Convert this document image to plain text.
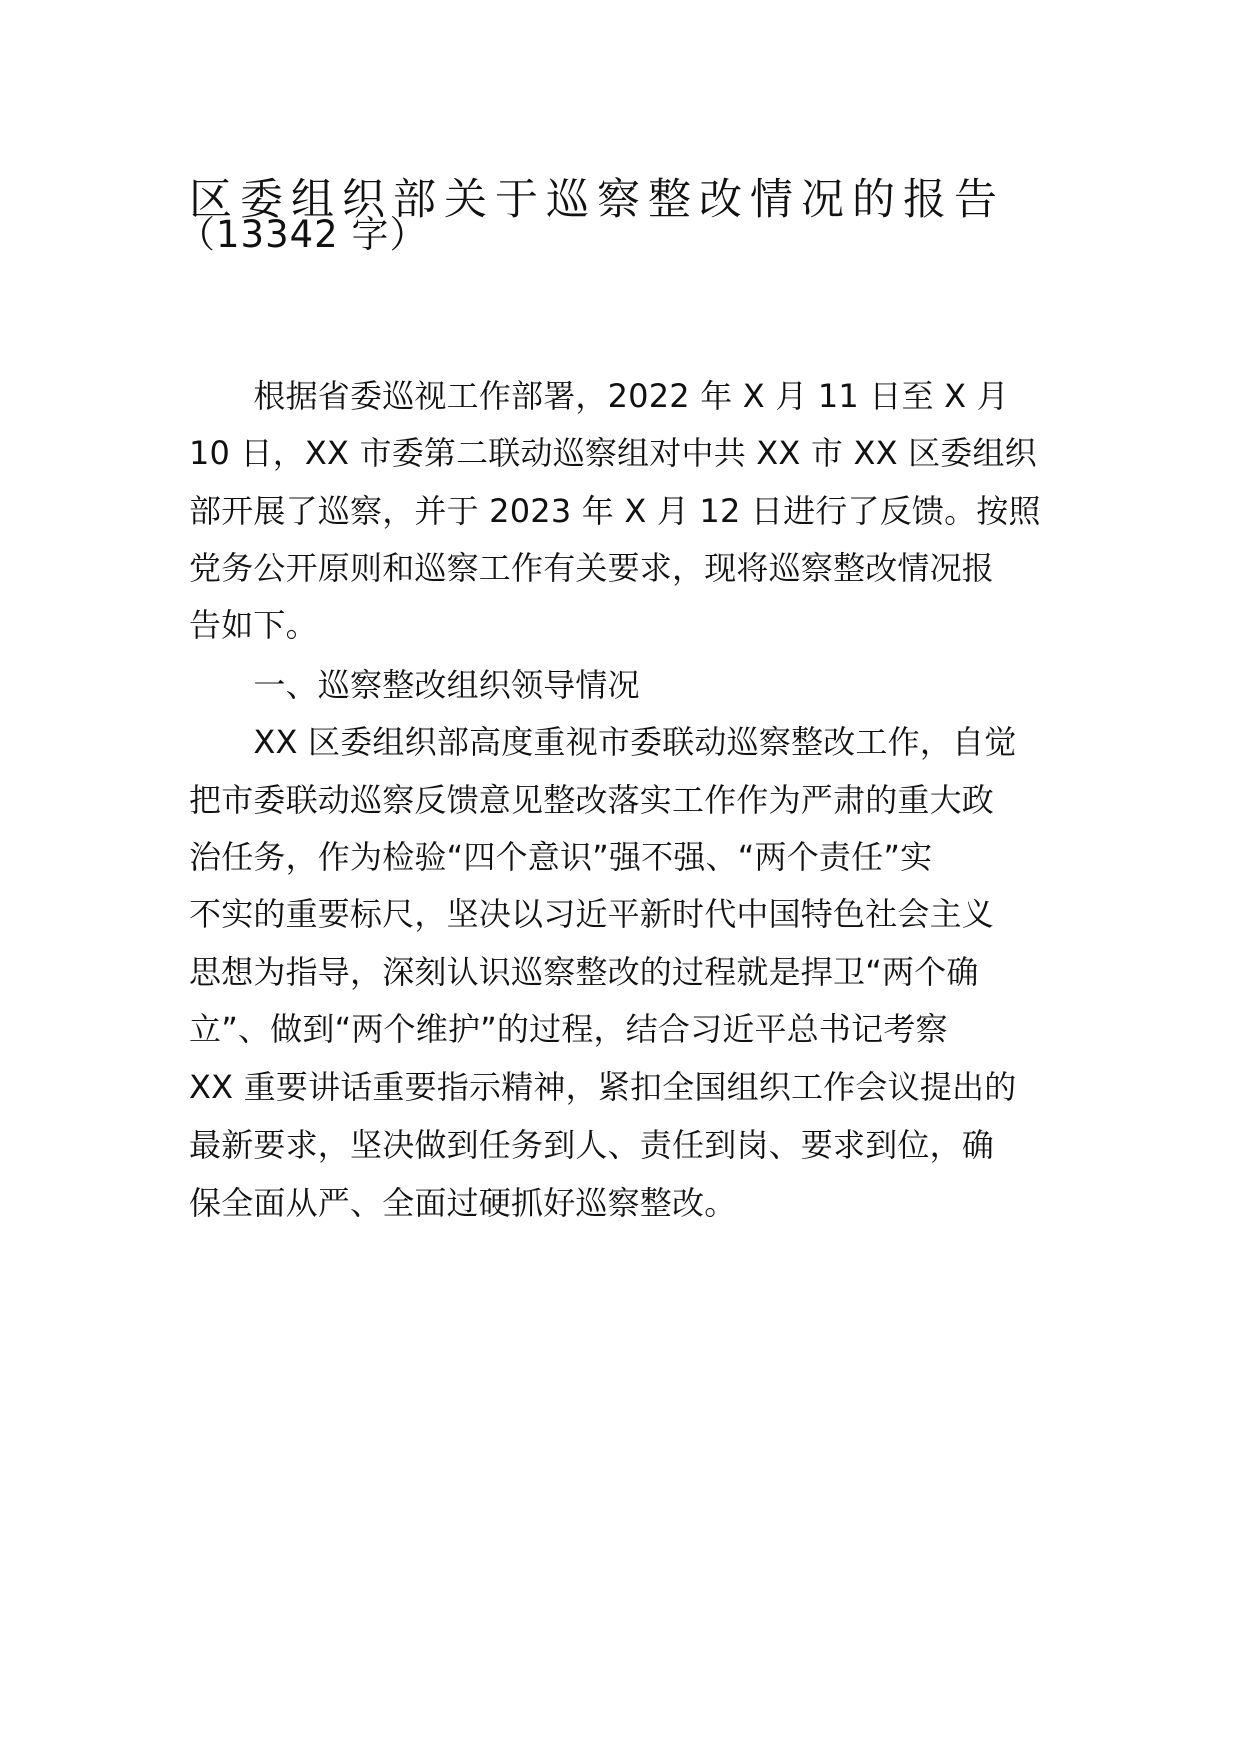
区委组织部关于巡察整改情况的报告
（13342 字）

　　根据省委巡视工作部署，2022 年 X 月 11 日至 X 月

10 日，XX 市委第二联动巡察组对中共 XX 市 XX 区委组织

部开展了巡察，并于 2023 年 X 月 12 日进行了反馈。按照

党务公开原则和巡察工作有关要求，现将巡察整改情况报

告如下。

　　一、巡察整改组织领导情况

　　XX 区委组织部高度重视市委联动巡察整改工作，自觉

把市委联动巡察反馈意见整改落实工作作为严肃的重大政

治任务，作为检验“四个意识”强不强、“两个责任”实

不实的重要标尺，坚决以习近平新时代中国特色社会主义

思想为指导，深刻认识巡察整改的过程就是捍卫“两个确

立”、做到“两个维护”的过程，结合习近平总书记考察

XX 重要讲话重要指示精神，紧扣全国组织工作会议提出的

最新要求，坚决做到任务到人、责任到岗、要求到位，确

保全面从严、全面过硬抓好巡察整改。
